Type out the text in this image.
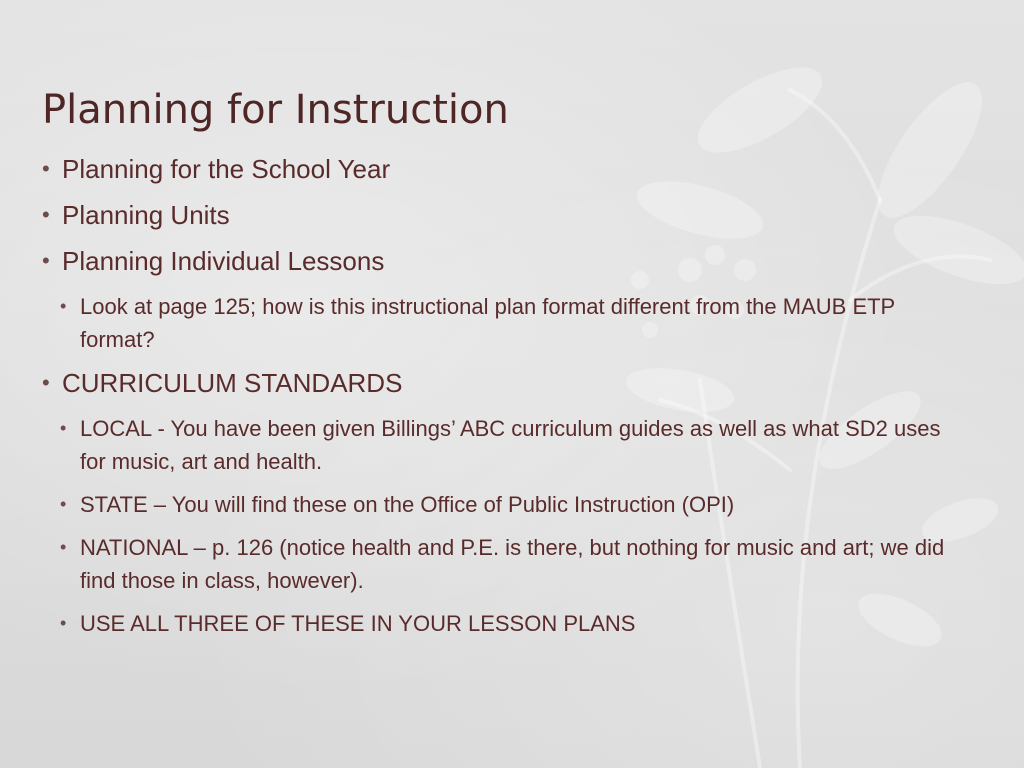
Planning for Instruction
• Planning for the School Year
• Planning Units
• Planning Individual Lessons
• Look at page 125; how is this instructional plan format different from the MAUB ETP format?
• CURRICULUM STANDARDS
• LOCAL - You have been given Billings’ ABC curriculum guides as well as what SD2 uses for music, art and health.
• STATE – You will find these on the Office of Public Instruction (OPI)
• NATIONAL – p. 126 (notice health and P.E. is there, but nothing for music and art; we did find those in class, however).
• USE ALL THREE OF THESE IN YOUR LESSON PLANS
